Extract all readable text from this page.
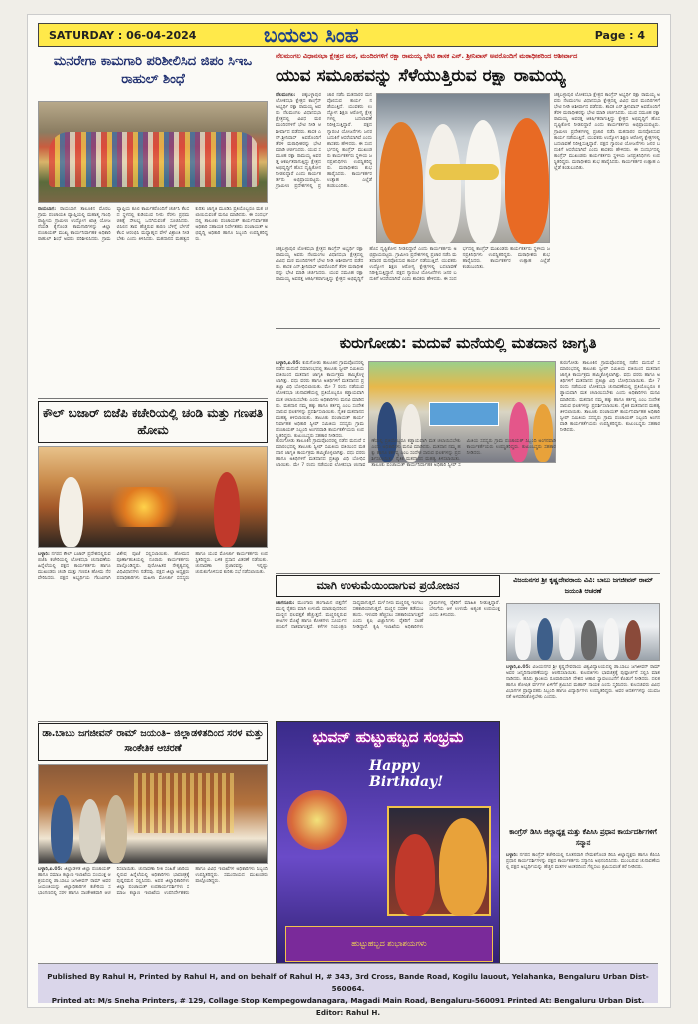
SATURDAY : 06-04-2024	ಬಯಲು ಸಿಂಹ	Page : 4
ಮನರೇಗಾ ಕಾಮಗಾರಿ ಪರಿಶೀಲಿಸಿದ ಜಿಪಂ ಸಿಇಒ ರಾಹುಲ್ ಶಿಂಧೆ
ರಾಯಬಾಗ: ರಾಯಬಾಗ ತಾಲೂಕಿನ ಮೊರಬ ಗ್ರಾಮ ಪಂಚಾಯತಿ ವ್ಯಾಪ್ತಿಯಲ್ಲಿ ಮಹಾತ್ಮ ಗಾಂಧಿ ರಾಷ್ಟ್ರೀಯ ಗ್ರಾಮೀಣ ಉದ್ಯೋಗ ಖಾತ್ರಿ ಯೋಜನೆಯಡಿ ಕೈಗೊಂಡ ಕಾಮಗಾರಿಗಳನ್ನು ಜಿಲ್ಲಾ ಪಂಚಾಯತ್ ಮುಖ್ಯ ಕಾರ್ಯನಿರ್ವಾಹಕ ಅಧಿಕಾರಿ ರಾಹುಲ್ ಶಿಂಧೆ ಅವರು ಪರಿಶೀಲಿಸಿದರು. ಗ್ರಾಮ ವ್ಯಾಪ್ತಿಯ ಕೂಲಿ ಕಾರ್ಮಿಕರೊಂದಿಗೆ ಚರ್ಚಿಸಿ ಕೆಲಸದ ಸ್ಥಳದಲ್ಲಿ ಕುಡಿಯುವ ನೀರು ನೆರಳು ಪ್ರಥಮ ಚಿಕಿತ್ಸೆ ಸೌಲಭ್ಯ ಒದಗಿಸುವಂತೆ ಸೂಚಿಸಿದರು. ಬಿಸಿಲಿನ ತಾಪ ಹೆಚ್ಚಿರುವ ಕಾರಣ ಬೆಳಿಗ್ಗೆ ಬೇಗನೆ ಕೆಲಸ ಆರಂಭಿಸಿ ಮಧ್ಯಾಹ್ನದ ವೇಳೆ ವಿಶ್ರಾಂತಿ ನೀಡಬೇಕು ಎಂದು ತಿಳಿಸಿದರು. ಮತದಾನದ ಮಹತ್ವದ ಕುರಿತು ಜಾಗೃತಿ ಮೂಡಿಸಿ ಪ್ರತಿಯೊಬ್ಬರೂ ಮತ ಚಲಾಯಿಸುವಂತೆ ಮನವಿ ಮಾಡಿದರು. ಈ ಸಂದರ್ಭದಲ್ಲಿ ತಾಲೂಕು ಪಂಚಾಯತ್ ಕಾರ್ಯನಿರ್ವಾಹಕ ಅಧಿಕಾರಿ ಸಹಾಯಕ ನಿರ್ದೇಶಕರು ಪಂಚಾಯತ್ ಅಭಿವೃದ್ಧಿ ಅಧಿಕಾರಿ ಹಾಗೂ ಸಿಬ್ಬಂದಿ ಉಪಸ್ಥಿತರಿದ್ದರು.
ಕೌಲ್ ಬಜಾರ್ ಬಿಜೆಪಿ ಕಚೇರಿಯಲ್ಲಿ ಚಂಡಿ ಮತ್ತು ಗಣಪತಿ ಹೋಮ
ಬಳ್ಳಾರಿ: ನಗರದ ಕೌಲ್ ಬಜಾರ್ ಪ್ರದೇಶದಲ್ಲಿರುವ ಬಿಜೆಪಿ ಕಚೇರಿಯಲ್ಲಿ ಲೋಕಸಭಾ ಚುನಾವಣೆಯ ಹಿನ್ನೆಲೆಯಲ್ಲಿ ಪಕ್ಷದ ಕಾರ್ಯಕರ್ತರು ಹಾಗೂ ಮುಖಂಡರು ಚಂಡಿ ಮತ್ತು ಗಣಪತಿ ಹೋಮ ನೆರವೇರಿಸಿದರು. ಪಕ್ಷದ ಅಭ್ಯರ್ಥಿಯ ಗೆಲುವಿಗಾಗಿ ವಿಶೇಷ ಪೂಜೆ ಸಲ್ಲಿಸಲಾಯಿತು. ಹೋಮದ ಪೂರ್ಣಾಹುತಿಯಲ್ಲಿ ನೂರಾರು ಕಾರ್ಯಕರ್ತರು ಪಾಲ್ಗೊಂಡಿದ್ದರು. ಪುರೋಹಿತರ ನೇತೃತ್ವದಲ್ಲಿ ವಿಧಿವಿಧಾನಗಳು ನಡೆದವು. ಪಕ್ಷದ ಜಿಲ್ಲಾ ಅಧ್ಯಕ್ಷರು ಪದಾಧಿಕಾರಿಗಳು ಮಹಿಳಾ ಮೋರ್ಚಾ ಸದಸ್ಯರು ಹಾಗೂ ಯುವ ಮೋರ್ಚಾ ಕಾರ್ಯಕರ್ತರು ಉಪಸ್ಥಿತರಿದ್ದರು. ಬಳಿಕ ಪ್ರಸಾದ ವಿತರಣೆ ನಡೆಯಿತು. ಚುನಾವಣಾ ಪ್ರಚಾರವನ್ನು ಇನ್ನಷ್ಟು ಚುರುಕುಗೊಳಿಸುವ ಕುರಿತು ಸಭೆ ನಡೆಸಲಾಯಿತು.
ಡಾ.ಬಾಬು ಜಗಜೀವನ್ ರಾಮ್ ಜಯಂತಿ– ಜಿಲ್ಲಾಡಳಿತದಿಂದ ಸರಳ ಮತ್ತು ಸಾಂಕೇತಿಕ ಆಚರಣೆ
ಬಳ್ಳಾರಿ,ಏ.05: ಜಿಲ್ಲಾಡಳಿತ ಜಿಲ್ಲಾ ಪಂಚಾಯತ್ ಹಾಗೂ ಸಮಾಜ ಕಲ್ಯಾಣ ಇಲಾಖೆಯ ಸಂಯುಕ್ತ ಆಶ್ರಯದಲ್ಲಿ ಡಾ.ಬಾಬು ಜಗಜೀವನ್ ರಾಮ್ ಅವರ ಜಯಂತಿಯನ್ನು ಜಿಲ್ಲಾಧಿಕಾರಿಗಳ ಕಚೇರಿಯ ಸಭಾಂಗಣದಲ್ಲಿ ಸರಳ ಹಾಗೂ ಸಾಂಕೇತಿಕವಾಗಿ ಆಚರಿಸಲಾಯಿತು. ಚುನಾವಣಾ ನೀತಿ ಸಂಹಿತೆ ಜಾರಿಯಲ್ಲಿರುವ ಹಿನ್ನೆಲೆಯಲ್ಲಿ ಅಧಿಕಾರಿಗಳು ಭಾವಚಿತ್ರಕ್ಕೆ ಪುಷ್ಪನಮನ ಸಲ್ಲಿಸಿದರು. ಅಪರ ಜಿಲ್ಲಾಧಿಕಾರಿಗಳು ಜಿಲ್ಲಾ ಪಂಚಾಯತ್ ಉಪಕಾರ್ಯದರ್ಶಿಗಳು ಸಮಾಜ ಕಲ್ಯಾಣ ಇಲಾಖೆಯ ಉಪನಿರ್ದೇಶಕರು ಹಾಗೂ ವಿವಿಧ ಇಲಾಖೆಗಳ ಅಧಿಕಾರಿಗಳು ಸಿಬ್ಬಂದಿ ಉಪಸ್ಥಿತರಿದ್ದರು. ಸಮುದಾಯದ ಮುಖಂಡರು ಪಾಲ್ಗೊಂಡಿದ್ದರು.
ನೆಲಮಂಗಲ ವಿಧಾನಸಭಾ ಕ್ಷೇತ್ರದ ಮಠ, ಮಂದಿರಗಳಿಗೆ ರಕ್ಷಾ ರಾಮಯ್ಯ ಭೇಟಿ ಶಾಸಕ ಎನ್. ಶ್ರೀನಿವಾಸ್ ಅವರೊಂದಿಗೆ ಮಠಾಧೀಶರಿಂದ ಆಶೀರ್ವಾದ
ಯುವ ಸಮೂಹವನ್ನು ಸೆಳೆಯುತ್ತಿರುವ ರಕ್ಷಾ ರಾಮಯ್ಯ
ನೆಲಮಂಗಲ: ಚಿಕ್ಕಬಳ್ಳಾಪುರ ಲೋಕಸಭಾ ಕ್ಷೇತ್ರದ ಕಾಂಗ್ರೆಸ್ ಅಭ್ಯರ್ಥಿ ರಕ್ಷಾ ರಾಮಯ್ಯ ಅವರು ನೆಲಮಂಗಲ ವಿಧಾನಸಭಾ ಕ್ಷೇತ್ರದಲ್ಲಿ ವಿವಿಧ ಮಠ ಮಂದಿರಗಳಿಗೆ ಭೇಟಿ ನೀಡಿ ಆಶೀರ್ವಾದ ಪಡೆದರು. ಶಾಸಕ ಎನ್.ಶ್ರೀನಿವಾಸ್ ಅವರೊಂದಿಗೆ ತೆರಳಿ ಮಠಾಧೀಶರನ್ನು ಭೇಟಿ ಮಾಡಿ ಚರ್ಚಿಸಿದರು. ಯುವ ಸಮೂಹ ರಕ್ಷಾ ರಾಮಯ್ಯ ಅವರತ್ತ ಆಕರ್ಷಿತರಾಗುತ್ತಿದ್ದು ಕ್ಷೇತ್ರದ ಅಭಿವೃದ್ಧಿಗೆ ಹೊಸ ದೃಷ್ಟಿಕೋನ ನೀಡಲಿದ್ದಾರೆ ಎಂದು ಕಾರ್ಯಕರ್ತರು ಅಭಿಪ್ರಾಯಪಟ್ಟರು. ಗ್ರಾಮೀಣ ಪ್ರದೇಶಗಳಲ್ಲಿ ಪ್ರಚಾರ ನಡೆಸಿ ಮತದಾರರ ಮನವೊಲಿಸುವ ಕಾರ್ಯ ನಡೆಯುತ್ತಿದೆ. ಯುವಕರು ಉದ್ಯೋಗ ಶಿಕ್ಷಣ ಆರೋಗ್ಯ ಕ್ಷೇತ್ರಗಳಲ್ಲಿ ಬದಲಾವಣೆ ನಿರೀಕ್ಷಿಸುತ್ತಿದ್ದಾರೆ. ಪಕ್ಷದ ಗ್ಯಾರಂಟಿ ಯೋಜನೆಗಳು ಜನರ ಬದುಕಿಗೆ ಆಸರೆಯಾಗಿವೆ ಎಂದು ಶಾಸಕರು ಹೇಳಿದರು. ಈ ಸಂದರ್ಭದಲ್ಲಿ ಕಾಂಗ್ರೆಸ್ ಮುಖಂಡರು ಕಾರ್ಯಕರ್ತರು ಸ್ಥಳೀಯ ಜನಪ್ರತಿನಿಧಿಗಳು ಉಪಸ್ಥಿತರಿದ್ದರು. ಮಠಾಧೀಶರು ಶುಭ ಹಾರೈಸಿದರು. ಕಾರ್ಯಕರ್ತರ ಉತ್ಸಾಹ ಎಲ್ಲೆಡೆ ಕಂಡುಬಂದಿತು.
ಚಿಕ್ಕಬಳ್ಳಾಪುರ ಲೋಕಸಭಾ ಕ್ಷೇತ್ರದ ಕಾಂಗ್ರೆಸ್ ಅಭ್ಯರ್ಥಿ ರಕ್ಷಾ ರಾಮಯ್ಯ ಅವರು ನೆಲಮಂಗಲ ವಿಧಾನಸಭಾ ಕ್ಷೇತ್ರದಲ್ಲಿ ವಿವಿಧ ಮಠ ಮಂದಿರಗಳಿಗೆ ಭೇಟಿ ನೀಡಿ ಆಶೀರ್ವಾದ ಪಡೆದರು. ಶಾಸಕ ಎನ್.ಶ್ರೀನಿವಾಸ್ ಅವರೊಂದಿಗೆ ತೆರಳಿ ಮಠಾಧೀಶರನ್ನು ಭೇಟಿ ಮಾಡಿ ಚರ್ಚಿಸಿದರು. ಯುವ ಸಮೂಹ ರಕ್ಷಾ ರಾಮಯ್ಯ ಅವರತ್ತ ಆಕರ್ಷಿತರಾಗುತ್ತಿದ್ದು ಕ್ಷೇತ್ರದ ಅಭಿವೃದ್ಧಿಗೆ ಹೊಸ ದೃಷ್ಟಿಕೋನ ನೀಡಲಿದ್ದಾರೆ ಎಂದು ಕಾರ್ಯಕರ್ತರು ಅಭಿಪ್ರಾಯಪಟ್ಟರು. ಗ್ರಾಮೀಣ ಪ್ರದೇಶಗಳಲ್ಲಿ ಪ್ರಚಾರ ನಡೆಸಿ ಮತದಾರರ ಮನವೊಲಿಸುವ ಕಾರ್ಯ ನಡೆಯುತ್ತಿದೆ. ಯುವಕರು ಉದ್ಯೋಗ ಶಿಕ್ಷಣ ಆರೋಗ್ಯ ಕ್ಷೇತ್ರಗಳಲ್ಲಿ ಬದಲಾವಣೆ ನಿರೀಕ್ಷಿಸುತ್ತಿದ್ದಾರೆ. ಪಕ್ಷದ ಗ್ಯಾರಂಟಿ ಯೋಜನೆಗಳು ಜನರ ಬದುಕಿಗೆ ಆಸರೆಯಾಗಿವೆ ಎಂದು ಶಾಸಕರು ಹೇಳಿದರು. ಈ ಸಂದರ್ಭದಲ್ಲಿ ಕಾಂಗ್ರೆಸ್ ಮುಖಂಡರು ಕಾರ್ಯಕರ್ತರು ಸ್ಥಳೀಯ ಜನಪ್ರತಿನಿಧಿಗಳು ಉಪಸ್ಥಿತರಿದ್ದರು. ಮಠಾಧೀಶರು ಶುಭ ಹಾರೈಸಿದರು. ಕಾರ್ಯಕರ್ತರ ಉತ್ಸಾಹ ಎಲ್ಲೆಡೆ ಕಂಡುಬಂದಿತು.
ಚಿಕ್ಕಬಳ್ಳಾಪುರ ಲೋಕಸಭಾ ಕ್ಷೇತ್ರದ ಕಾಂಗ್ರೆಸ್ ಅಭ್ಯರ್ಥಿ ರಕ್ಷಾ ರಾಮಯ್ಯ ಅವರು ನೆಲಮಂಗಲ ವಿಧಾನಸಭಾ ಕ್ಷೇತ್ರದಲ್ಲಿ ವಿವಿಧ ಮಠ ಮಂದಿರಗಳಿಗೆ ಭೇಟಿ ನೀಡಿ ಆಶೀರ್ವಾದ ಪಡೆದರು. ಶಾಸಕ ಎನ್.ಶ್ರೀನಿವಾಸ್ ಅವರೊಂದಿಗೆ ತೆರಳಿ ಮಠಾಧೀಶರನ್ನು ಭೇಟಿ ಮಾಡಿ ಚರ್ಚಿಸಿದರು. ಯುವ ಸಮೂಹ ರಕ್ಷಾ ರಾಮಯ್ಯ ಅವರತ್ತ ಆಕರ್ಷಿತರಾಗುತ್ತಿದ್ದು ಕ್ಷೇತ್ರದ ಅಭಿವೃದ್ಧಿಗೆ ಹೊಸ ದೃಷ್ಟಿಕೋನ ನೀಡಲಿದ್ದಾರೆ ಎಂದು ಕಾರ್ಯಕರ್ತರು ಅಭಿಪ್ರಾಯಪಟ್ಟರು. ಗ್ರಾಮೀಣ ಪ್ರದೇಶಗಳಲ್ಲಿ ಪ್ರಚಾರ ನಡೆಸಿ ಮತದಾರರ ಮನವೊಲಿಸುವ ಕಾರ್ಯ ನಡೆಯುತ್ತಿದೆ. ಯುವಕರು ಉದ್ಯೋಗ ಶಿಕ್ಷಣ ಆರೋಗ್ಯ ಕ್ಷೇತ್ರಗಳಲ್ಲಿ ಬದಲಾವಣೆ ನಿರೀಕ್ಷಿಸುತ್ತಿದ್ದಾರೆ. ಪಕ್ಷದ ಗ್ಯಾರಂಟಿ ಯೋಜನೆಗಳು ಜನರ ಬದುಕಿಗೆ ಆಸರೆಯಾಗಿವೆ ಎಂದು ಶಾಸಕರು ಹೇಳಿದರು. ಈ ಸಂದರ್ಭದಲ್ಲಿ ಕಾಂಗ್ರೆಸ್ ಮುಖಂಡರು ಕಾರ್ಯಕರ್ತರು ಸ್ಥಳೀಯ ಜನಪ್ರತಿನಿಧಿಗಳು ಉಪಸ್ಥಿತರಿದ್ದರು. ಮಠಾಧೀಶರು ಶುಭ ಹಾರೈಸಿದರು. ಕಾರ್ಯಕರ್ತರ ಉತ್ಸಾಹ ಎಲ್ಲೆಡೆ ಕಂಡುಬಂದಿತು.
ಕುರುಗೋಡು: ಮದುವೆ ಮನೆಯಲ್ಲಿ ಮತದಾನ ಜಾಗೃತಿ
ಬಳ್ಳಾರಿ,ಏ.05: ಕುರುಗೋಡು ತಾಲೂಕಿನ ಗ್ರಾಮವೊಂದರಲ್ಲಿ ನಡೆದ ಮದುವೆ ಸಮಾರಂಭದಲ್ಲಿ ತಾಲೂಕು ಸ್ವೀಪ್ ಸಮಿತಿಯ ವತಿಯಿಂದ ಮತದಾನ ಜಾಗೃತಿ ಕಾರ್ಯಕ್ರಮ ಹಮ್ಮಿಕೊಳ್ಳಲಾಗಿತ್ತು. ವಧು ವರರು ಹಾಗೂ ಅತಿಥಿಗಳಿಗೆ ಮತದಾನದ ಪ್ರತಿಜ್ಞಾ ವಿಧಿ ಬೋಧಿಸಲಾಯಿತು. ಮೇ 7 ರಂದು ನಡೆಯುವ ಲೋಕಸಭಾ ಚುನಾವಣೆಯಲ್ಲಿ ಪ್ರತಿಯೊಬ್ಬರೂ ಕಡ್ಡಾಯವಾಗಿ ಮತ ಚಲಾಯಿಸಬೇಕು ಎಂದು ಅಧಿಕಾರಿಗಳು ಮನವಿ ಮಾಡಿದರು. ಮತದಾನ ನಮ್ಮ ಹಕ್ಕು ಹಾಗೂ ಕರ್ತವ್ಯ ಎಂಬ ಸಂದೇಶ ಸಾರುವ ಫಲಕಗಳನ್ನು ಪ್ರದರ್ಶಿಸಲಾಯಿತು. ನೈತಿಕ ಮತದಾನದ ಮಹತ್ವ ತಿಳಿಸಲಾಯಿತು. ತಾಲೂಕು ಪಂಚಾಯತ್ ಕಾರ್ಯನಿರ್ವಾಹಕ ಅಧಿಕಾರಿ ಸ್ವೀಪ್ ಸಮಿತಿಯ ಸದಸ್ಯರು ಗ್ರಾಮ ಪಂಚಾಯತ್ ಸಿಬ್ಬಂದಿ ಅಂಗನವಾಡಿ ಕಾರ್ಯಕರ್ತೆಯರು ಉಪಸ್ಥಿತರಿದ್ದರು. ಕುಟುಂಬಸ್ಥರು ಸಹಕಾರ ನೀಡಿದರು.
ಕುರುಗೋಡು ತಾಲೂಕಿನ ಗ್ರಾಮವೊಂದರಲ್ಲಿ ನಡೆದ ಮದುವೆ ಸಮಾರಂಭದಲ್ಲಿ ತಾಲೂಕು ಸ್ವೀಪ್ ಸಮಿತಿಯ ವತಿಯಿಂದ ಮತದಾನ ಜಾಗೃತಿ ಕಾರ್ಯಕ್ರಮ ಹಮ್ಮಿಕೊಳ್ಳಲಾಗಿತ್ತು. ವಧು ವರರು ಹಾಗೂ ಅತಿಥಿಗಳಿಗೆ ಮತದಾನದ ಪ್ರತಿಜ್ಞಾ ವಿಧಿ ಬೋಧಿಸಲಾಯಿತು. ಮೇ 7 ರಂದು ನಡೆಯುವ ಲೋಕಸಭಾ ಚುನಾವಣೆಯಲ್ಲಿ ಪ್ರತಿಯೊಬ್ಬರೂ ಕಡ್ಡಾಯವಾಗಿ ಮತ ಚಲಾಯಿಸಬೇಕು ಎಂದು ಅಧಿಕಾರಿಗಳು ಮನವಿ ಮಾಡಿದರು. ಮತದಾನ ನಮ್ಮ ಹಕ್ಕು ಹಾಗೂ ಕರ್ತವ್ಯ ಎಂಬ ಸಂದೇಶ ಸಾರುವ ಫಲಕಗಳನ್ನು ಪ್ರದರ್ಶಿಸಲಾಯಿತು. ನೈತಿಕ ಮತದಾನದ ಮಹತ್ವ ತಿಳಿಸಲಾಯಿತು. ತಾಲೂಕು ಪಂಚಾಯತ್ ಕಾರ್ಯನಿರ್ವಾಹಕ ಅಧಿಕಾರಿ ಸ್ವೀಪ್ ಸಮಿತಿಯ ಸದಸ್ಯರು ಗ್ರಾಮ ಪಂಚಾಯತ್ ಸಿಬ್ಬಂದಿ ಅಂಗನವಾಡಿ ಕಾರ್ಯಕರ್ತೆಯರು ಉಪಸ್ಥಿತರಿದ್ದರು. ಕುಟುಂಬಸ್ಥರು ಸಹಕಾರ ನೀಡಿದರು.
ಕುರುಗೋಡು ತಾಲೂಕಿನ ಗ್ರಾಮವೊಂದರಲ್ಲಿ ನಡೆದ ಮದುವೆ ಸಮಾರಂಭದಲ್ಲಿ ತಾಲೂಕು ಸ್ವೀಪ್ ಸಮಿತಿಯ ವತಿಯಿಂದ ಮತದಾನ ಜಾಗೃತಿ ಕಾರ್ಯಕ್ರಮ ಹಮ್ಮಿಕೊಳ್ಳಲಾಗಿತ್ತು. ವಧು ವರರು ಹಾಗೂ ಅತಿಥಿಗಳಿಗೆ ಮತದಾನದ ಪ್ರತಿಜ್ಞಾ ವಿಧಿ ಬೋಧಿಸಲಾಯಿತು. ಮೇ 7 ರಂದು ನಡೆಯುವ ಲೋಕಸಭಾ ಚುನಾವಣೆಯಲ್ಲಿ ಪ್ರತಿಯೊಬ್ಬರೂ ಕಡ್ಡಾಯವಾಗಿ ಮತ ಚಲಾಯಿಸಬೇಕು ಎಂದು ಅಧಿಕಾರಿಗಳು ಮನವಿ ಮಾಡಿದರು. ಮತದಾನ ನಮ್ಮ ಹಕ್ಕು ಹಾಗೂ ಕರ್ತವ್ಯ ಎಂಬ ಸಂದೇಶ ಸಾರುವ ಫಲಕಗಳನ್ನು ಪ್ರದರ್ಶಿಸಲಾಯಿತು. ನೈತಿಕ ಮತದಾನದ ಮಹತ್ವ ತಿಳಿಸಲಾಯಿತು. ತಾಲೂಕು ಪಂಚಾಯತ್ ಕಾರ್ಯನಿರ್ವಾಹಕ ಅಧಿಕಾರಿ ಸ್ವೀಪ್ ಸಮಿತಿಯ ಸದಸ್ಯರು ಗ್ರಾಮ ಪಂಚಾಯತ್ ಸಿಬ್ಬಂದಿ ಅಂಗನವಾಡಿ ಕಾರ್ಯಕರ್ತೆಯರು ಉಪಸ್ಥಿತರಿದ್ದರು. ಕುಟುಂಬಸ್ಥರು ಸಹಕಾರ ನೀಡಿದರು.
ಮಾಗಿ ಉಳುಮೆಯಿಂದಾಗುವ ಪ್ರಯೋಜನ
ಚಾಗನೂರು: ಮುಂಗಾರು ಹಂಗಾಮಿನ ಬಿತ್ತನೆಗೆ ಮುನ್ನ ರೈತರು ಮಾಗಿ ಉಳುಮೆ ಮಾಡುವುದರಿಂದ ಮಣ್ಣಿನ ಫಲವತ್ತತೆ ಹೆಚ್ಚುತ್ತದೆ. ಮಣ್ಣಿನಲ್ಲಿರುವ ಕೀಟಗಳ ಮೊಟ್ಟೆ ಹಾಗೂ ಕೋಶಗಳು ಸೂರ್ಯನ ಬಿಸಿಲಿಗೆ ನಾಶವಾಗುತ್ತವೆ. ಕಳೆಗಳ ನಿಯಂತ್ರಣ ಸಾಧ್ಯವಾಗುತ್ತದೆ. ಮಳೆ ನೀರು ಮಣ್ಣಿನಲ್ಲಿ ಇಂಗಲು ಸಹಕಾರಿಯಾಗುತ್ತದೆ. ಮಣ್ಣಿನ ಸವಕಳಿ ತಡೆಯಬಹುದು. ಇಳುವರಿ ಹೆಚ್ಚಿಸಲು ಸಹಕಾರಿಯಾಗುತ್ತದೆ ಎಂದು ಕೃಷಿ ವಿಜ್ಞಾನಿಗಳು ರೈತರಿಗೆ ಸಲಹೆ ನೀಡಿದ್ದಾರೆ. ಕೃಷಿ ಇಲಾಖೆಯ ಅಧಿಕಾರಿಗಳು ಗ್ರಾಮಗಳಲ್ಲಿ ರೈತರಿಗೆ ಮಾಹಿತಿ ನೀಡುತ್ತಿದ್ದಾರೆ. ಬೇಸಿಗೆಯ ಆಳ ಉಳುಮೆ ಅತ್ಯಂತ ಉಪಯುಕ್ತ ಎಂದು ತಿಳಿಸಿದರು.
ವಿಜಯನಗರ ಶ್ರೀ ಕೃಷ್ಣದೇವರಾಯ ವಿವಿ: ಬಾಬು ಜಗಜೀವನ್ ರಾಮ್ ಜಯಂತಿ ಆಚರಣೆ
ಬಳ್ಳಾರಿ,ಏ.05: ವಿಜಯನಗರ ಶ್ರೀ ಕೃಷ್ಣದೇವರಾಯ ವಿಶ್ವವಿದ್ಯಾಲಯದಲ್ಲಿ ಡಾ.ಬಾಬು ಜಗಜೀವನ್ ರಾಮ್ ಅವರ ಜನ್ಮದಿನಾಚರಣೆಯನ್ನು ಆಚರಿಸಲಾಯಿತು. ಕುಲಪತಿಗಳು ಭಾವಚಿತ್ರಕ್ಕೆ ಪುಷ್ಪಾರ್ಚನೆ ಸಲ್ಲಿಸಿ ಮಾತನಾಡಿದರು. ಹಸಿರು ಕ್ರಾಂತಿಯ ರೂವಾರಿಯಾಗಿ ದೇಶದ ಆಹಾರ ಸ್ವಾವಲಂಬನೆಗೆ ಕೊಡುಗೆ ನೀಡಿದರು. ದಲಿತ ಹಾಗೂ ಶೋಷಿತ ವರ್ಗಗಳ ಏಳಿಗೆಗೆ ಶ್ರಮಿಸಿದ ಮಹಾನ್ ನಾಯಕ ಎಂದು ಸ್ಮರಿಸಿದರು. ಕುಲಸಚಿವರು ವಿವಿಧ ವಿಭಾಗಗಳ ಪ್ರಾಧ್ಯಾಪಕರು ಸಿಬ್ಬಂದಿ ಹಾಗೂ ವಿದ್ಯಾರ್ಥಿಗಳು ಉಪಸ್ಥಿತರಿದ್ದರು. ಅವರ ಆದರ್ಶಗಳನ್ನು ಯುವಜನತೆ ಅಳವಡಿಸಿಕೊಳ್ಳಬೇಕು ಎಂದರು.
ಕಾಂಗ್ರೆಸ್ ಡಿಸಿಸಿ ಜಿಲ್ಲಾಧ್ಯಕ್ಷ ಮತ್ತು ಕೆಪಿಸಿಸಿ ಪ್ರಧಾನ ಕಾರ್ಯದರ್ಶಿಗಳಿಗೆ ಸನ್ಮಾನ
ಬಳ್ಳಾರಿ: ನಗರದ ಕಾಂಗ್ರೆಸ್ ಕಚೇರಿಯಲ್ಲಿ ನೂತನವಾಗಿ ನೇಮಕಗೊಂಡ ಡಿಸಿಸಿ ಜಿಲ್ಲಾಧ್ಯಕ್ಷರು ಹಾಗೂ ಕೆಪಿಸಿಸಿ ಪ್ರಧಾನ ಕಾರ್ಯದರ್ಶಿಗಳನ್ನು ಪಕ್ಷದ ಕಾರ್ಯಕರ್ತರು ಸನ್ಮಾನಿಸಿ ಅಭಿನಂದಿಸಿದರು. ಮುಂಬರುವ ಚುನಾವಣೆಯಲ್ಲಿ ಪಕ್ಷದ ಅಭ್ಯರ್ಥಿಯನ್ನು ಹೆಚ್ಚಿನ ಮತಗಳ ಅಂತರದಿಂದ ಗೆಲ್ಲಿಸಲು ಶ್ರಮಿಸುವಂತೆ ಕರೆ ನೀಡಿದರು.
ಭುವನ್ ಹುಟ್ಟುಹಬ್ಬದ ಸಂಭ್ರಮ
Happy Birthday!
ಹುಟ್ಟುಹಬ್ಬದ ಶುಭಾಶಯಗಳು
Published By Rahul H, Printed by Rahul H, and on behalf of Rahul H, # 343, 3rd Cross, Bande Road, Kogilu lauout, Yelahanka, Bengaluru Urban Dist-560064.
Printed at: M/s Sneha Printers, # 129, Collage Stop Kempegowdanagara, Magadi Main Road, Bengaluru-560091 Printed At: Bengaluru Urban Dist. Editor: Rahul H.
